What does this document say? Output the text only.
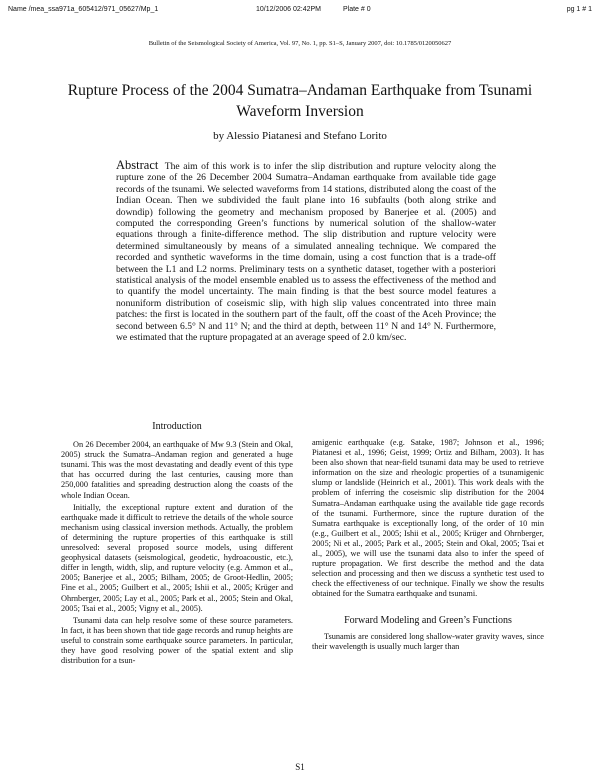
Name /mea_ssa971a_605412/971_05627/Mp_1	10/12/2006 02:42PM	Plate # 0	pg 1 # 1
Bulletin of the Seismological Society of America, Vol. 97, No. 1, pp. S1–S, January 2007, doi: 10.1785/0120050627
Rupture Process of the 2004 Sumatra–Andaman Earthquake from Tsunami Waveform Inversion
by Alessio Piatanesi and Stefano Lorito
Abstract The aim of this work is to infer the slip distribution and rupture velocity along the rupture zone of the 26 December 2004 Sumatra–Andaman earthquake from available tide gage records of the tsunami. We selected waveforms from 14 stations, distributed along the coast of the Indian Ocean. Then we subdivided the fault plane into 16 subfaults (both along strike and downdip) following the geometry and mechanism proposed by Banerjee et al. (2005) and computed the corresponding Green’s functions by numerical solution of the shallow-water equations through a finite-difference method. The slip distribution and rupture velocity were determined simultaneously by means of a simulated annealing technique. We compared the recorded and synthetic waveforms in the time domain, using a cost function that is a trade-off between the L1 and L2 norms. Preliminary tests on a synthetic dataset, together with a posteriori statistical analysis of the model ensemble enabled us to assess the effectiveness of the method and to quantify the model uncertainty. The main finding is that the best source model features a nonuniform distribution of coseismic slip, with high slip values concentrated into three main patches: the first is located in the southern part of the fault, off the coast of the Aceh Province; the second between 6.5° N and 11° N; and the third at depth, between 11° N and 14° N. Furthermore, we estimated that the rupture propagated at an average speed of 2.0 km/sec.
Introduction

On 26 December 2004, an earthquake of Mw 9.3 (Stein and Okal, 2005) struck the Sumatra–Andaman region and generated a huge tsunami. This was the most devastating and deadly event of this type that has occurred during the last centuries, causing more than 250,000 fatalities and spreading destruction along the coasts of the whole Indian Ocean.

Initially, the exceptional rupture extent and duration of the earthquake made it difficult to retrieve the details of the whole source mechanism using classical inversion methods. Actually, the problem of determining the rupture properties of this earthquake is still unresolved: several proposed source models, using different geophysical datasets (seismological, geodetic, hydroacoustic, etc.), differ in length, width, slip, and rupture velocity (e.g. Ammon et al., 2005; Banerjee et al., 2005; Bilham, 2005; de Groot-Hedlin, 2005; Fine et al., 2005; Guilbert et al., 2005; Ishii et al., 2005; Krüger and Ohrnberger, 2005; Lay et al., 2005; Park et al., 2005; Stein and Okal, 2005; Tsai et al., 2005; Vigny et al., 2005).

Tsunami data can help resolve some of these source parameters. In fact, it has been shown that tide gage records and runup heights are useful to constrain some earthquake source parameters. In particular, they have good resolving power of the spatial extent and slip distribution for a tsun-

amigenic earthquake (e.g. Satake, 1987; Johnson et al., 1996; Piatanesi et al., 1996; Geist, 1999; Ortiz and Bilham, 2003). It has been also shown that near-field tsunami data may be used to retrieve information on the size and rheologic properties of a tsunamigenic slump or landslide (Heinrich et al., 2001). This work deals with the problem of inferring the coseismic slip distribution for the 2004 Sumatra–Andaman earthquake using the available tide gage records of the tsunami. Furthermore, since the rupture duration of the Sumatra earthquake is exceptionally long, of the order of 10 min (e.g., Guilbert et al., 2005; Ishii et al., 2005; Krüger and Ohrnberger, 2005; Ni et al., 2005; Park et al., 2005; Stein and Okal, 2005; Tsai et al., 2005), we will use the tsunami data also to infer the speed of rupture propagation. We first describe the method and the data selection and processing and then we discuss a synthetic test used to check the effectiveness of our technique. Finally we show the results obtained for the Sumatra earthquake and tsunami.

Forward Modeling and Green’s Functions

Tsunamis are considered long shallow-water gravity waves, since their wavelength is usually much larger than

S1
